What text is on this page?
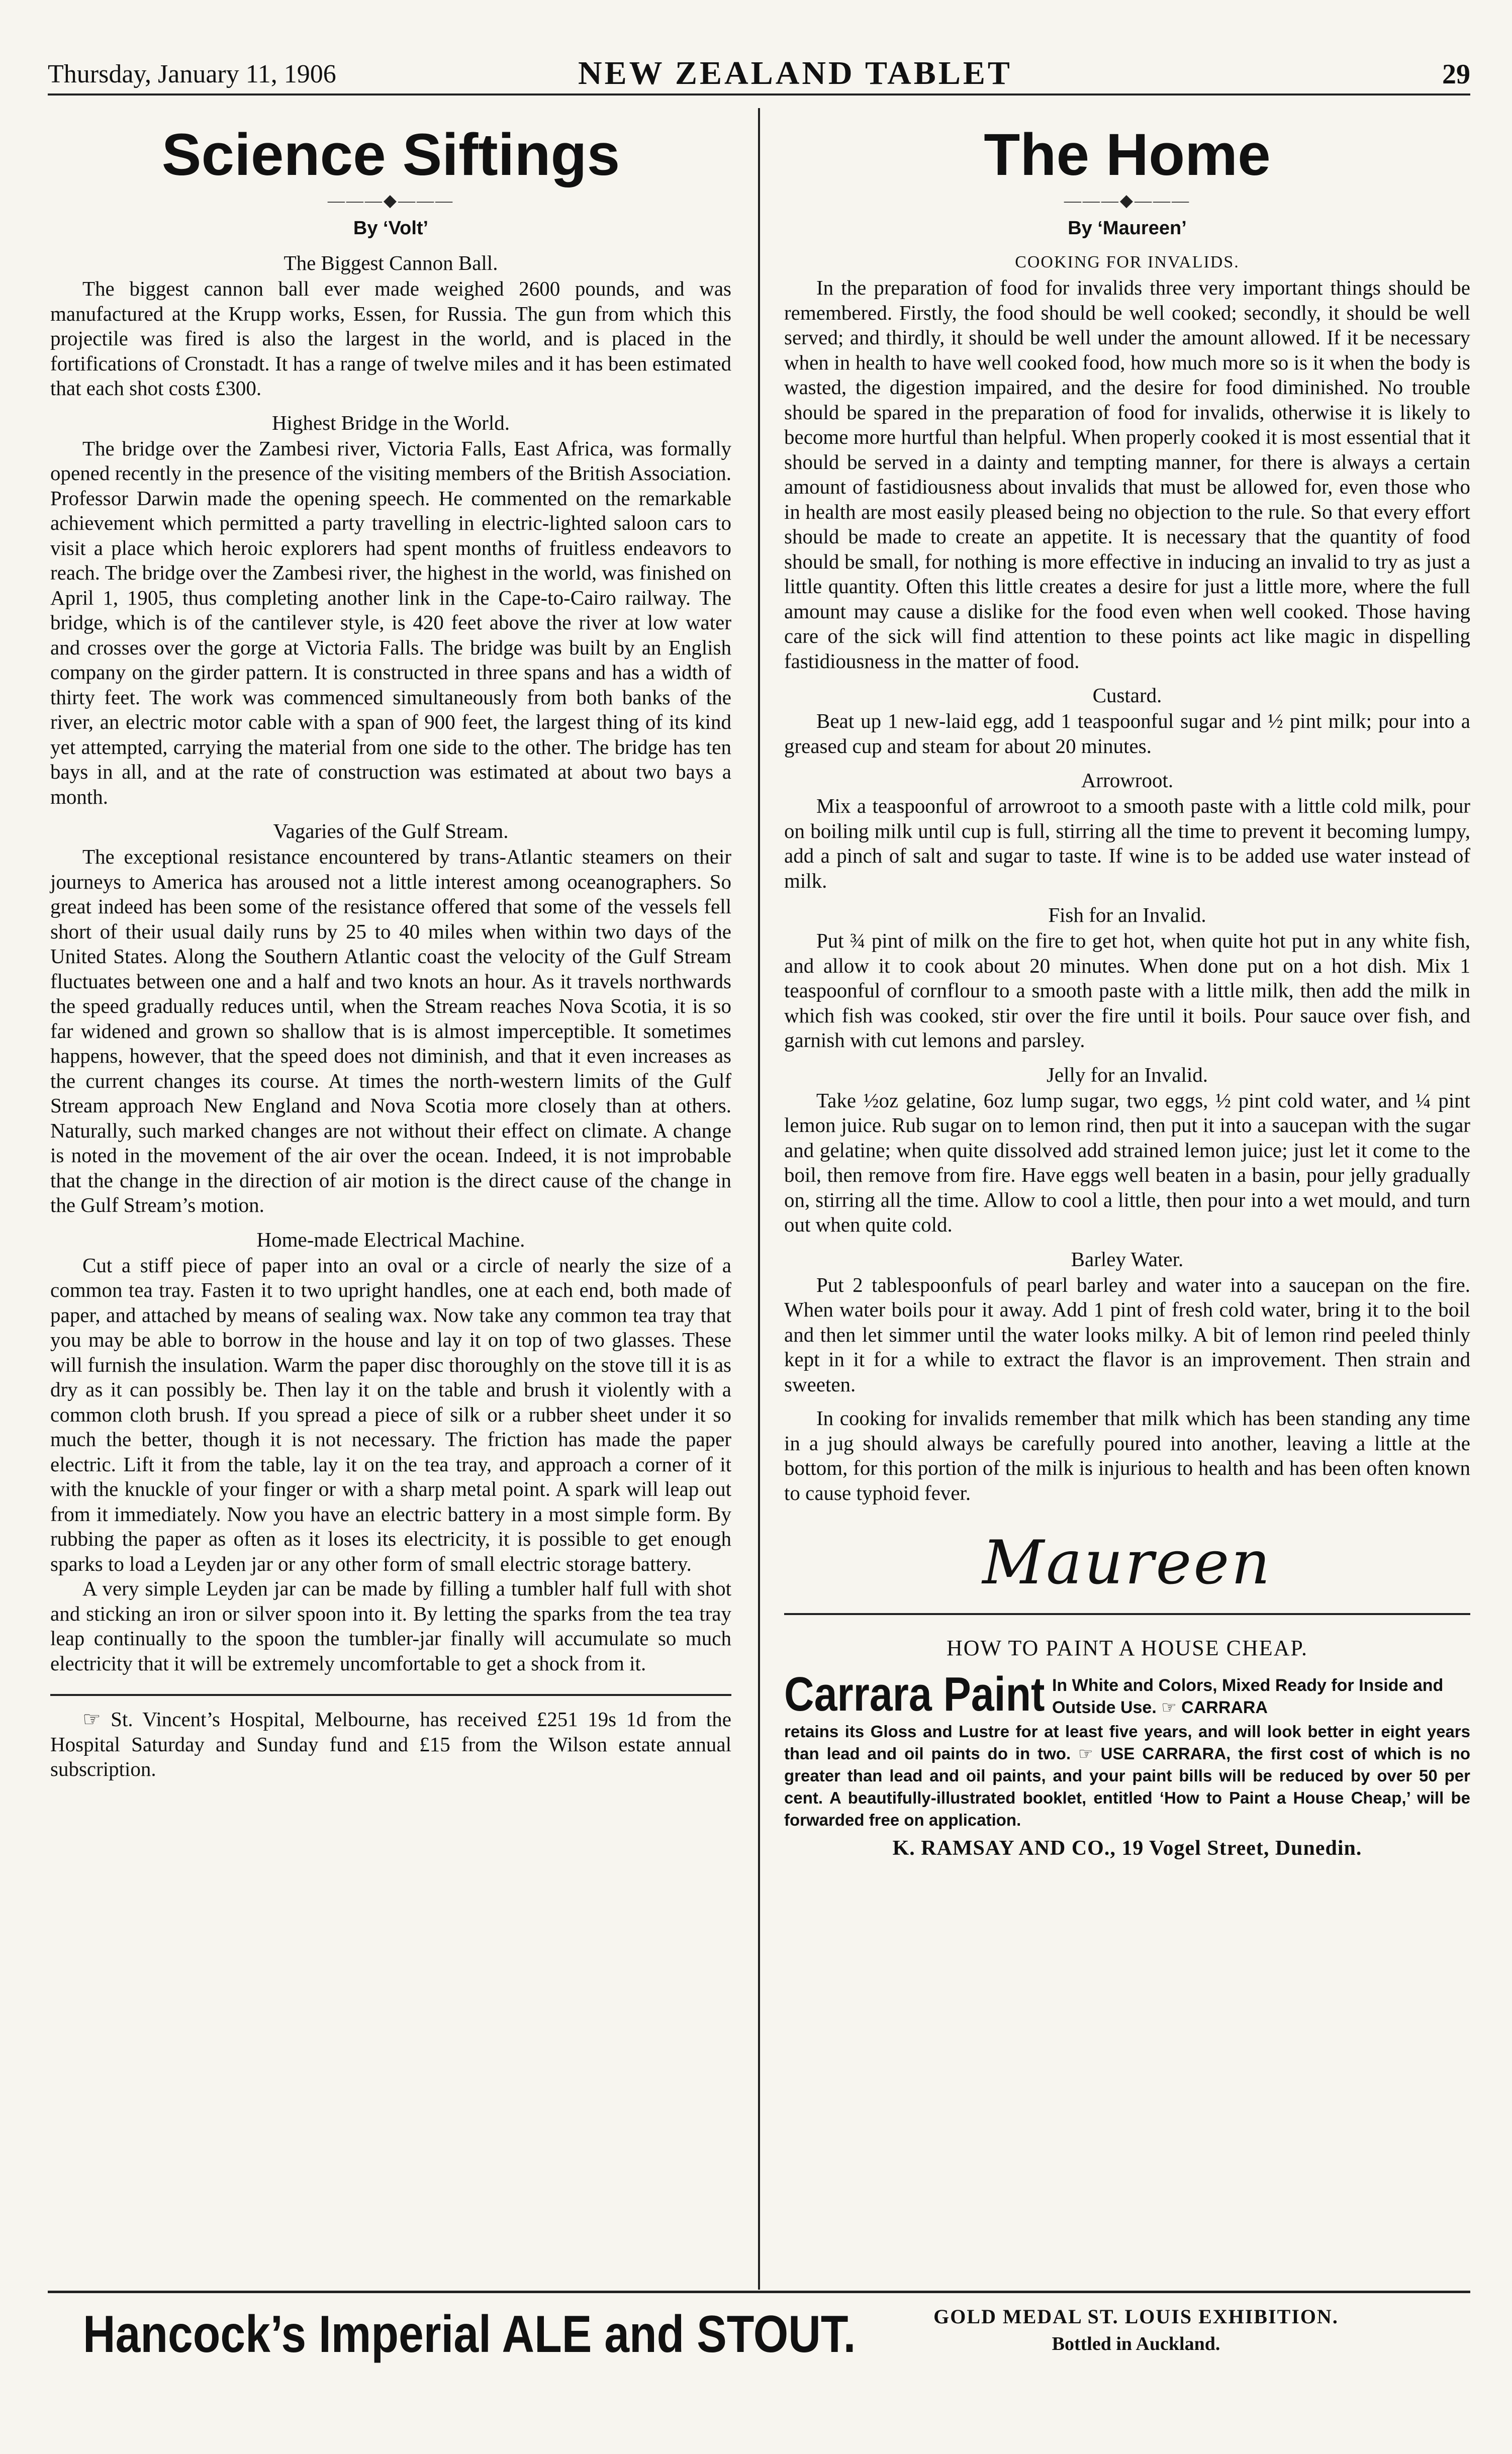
Thursday, January 11, 1906	NEW ZEALAND TABLET	29
Science Siftings
———◆———
By ‘Volt’
The Biggest Cannon Ball.

The biggest cannon ball ever made weighed 2600 pounds, and was manufactured at the Krupp works, Essen, for Russia. The gun from which this projectile was fired is also the largest in the world, and is placed in the fortifications of Cronstadt. It has a range of twelve miles and it has been estimated that each shot costs £300.

Highest Bridge in the World.

The bridge over the Zambesi river, Victoria Falls, East Africa, was formally opened recently in the presence of the visiting members of the British Association. Professor Darwin made the opening speech. He commented on the remarkable achievement which permitted a party travelling in electric-lighted saloon cars to visit a place which heroic explorers had spent months of fruitless endeavors to reach. The bridge over the Zambesi river, the highest in the world, was finished on April 1, 1905, thus completing another link in the Cape-to-Cairo railway. The bridge, which is of the cantilever style, is 420 feet above the river at low water and crosses over the gorge at Victoria Falls. The bridge was built by an English company on the girder pattern. It is constructed in three spans and has a width of thirty feet. The work was commenced simultaneously from both banks of the river, an electric motor cable with a span of 900 feet, the largest thing of its kind yet attempted, carrying the material from one side to the other. The bridge has ten bays in all, and at the rate of construction was estimated at about two bays a month.

Vagaries of the Gulf Stream.

The exceptional resistance encountered by trans-Atlantic steamers on their journeys to America has aroused not a little interest among oceanographers. So great indeed has been some of the resistance offered that some of the vessels fell short of their usual daily runs by 25 to 40 miles when within two days of the United States. Along the Southern Atlantic coast the velocity of the Gulf Stream fluctuates between one and a half and two knots an hour. As it travels northwards the speed gradually reduces until, when the Stream reaches Nova Scotia, it is so far widened and grown so shallow that is is almost imperceptible. It sometimes happens, however, that the speed does not diminish, and that it even increases as the current changes its course. At times the north-western limits of the Gulf Stream approach New England and Nova Scotia more closely than at others. Naturally, such marked changes are not without their effect on climate. A change is noted in the movement of the air over the ocean. Indeed, it is not improbable that the change in the direction of air motion is the direct cause of the change in the Gulf Stream’s motion.

Home-made Electrical Machine.

Cut a stiff piece of paper into an oval or a circle of nearly the size of a common tea tray. Fasten it to two upright handles, one at each end, both made of paper, and attached by means of sealing wax. Now take any common tea tray that you may be able to borrow in the house and lay it on top of two glasses. These will furnish the insulation. Warm the paper disc thoroughly on the stove till it is as dry as it can possibly be. Then lay it on the table and brush it violently with a common cloth brush. If you spread a piece of silk or a rubber sheet under it so much the better, though it is not necessary. The friction has made the paper electric. Lift it from the table, lay it on the tea tray, and approach a corner of it with the knuckle of your finger or with a sharp metal point. A spark will leap out from it immediately. Now you have an electric battery in a most simple form. By rubbing the paper as often as it loses its electricity, it is possible to get enough sparks to load a Leyden jar or any other form of small electric storage battery.

A very simple Leyden jar can be made by filling a tumbler half full with shot and sticking an iron or silver spoon into it. By letting the sparks from the tea tray leap continually to the spoon the tumbler-jar finally will accumulate so much electricity that it will be extremely uncomfortable to get a shock from it.

☞ St. Vincent’s Hospital, Melbourne, has received £251 19s 1d from the Hospital Saturday and Sunday fund and £15 from the Wilson estate annual subscription.

The Home
———◆———
By ‘Maureen’
COOKING FOR INVALIDS.

In the preparation of food for invalids three very important things should be remembered. Firstly, the food should be well cooked; secondly, it should be well served; and thirdly, it should be well under the amount allowed. If it be necessary when in health to have well cooked food, how much more so is it when the body is wasted, the digestion impaired, and the desire for food diminished. No trouble should be spared in the preparation of food for invalids, otherwise it is likely to become more hurtful than helpful. When properly cooked it is most essential that it should be served in a dainty and tempting manner, for there is always a certain amount of fastidiousness about invalids that must be allowed for, even those who in health are most easily pleased being no objection to the rule. So that every effort should be made to create an appetite. It is necessary that the quantity of food should be small, for nothing is more effective in inducing an invalid to try as just a little quantity. Often this little creates a desire for just a little more, where the full amount may cause a dislike for the food even when well cooked. Those having care of the sick will find attention to these points act like magic in dispelling fastidiousness in the matter of food.

Custard.

Beat up 1 new-laid egg, add 1 teaspoonful sugar and ½ pint milk; pour into a greased cup and steam for about 20 minutes.

Arrowroot.

Mix a teaspoonful of arrowroot to a smooth paste with a little cold milk, pour on boiling milk until cup is full, stirring all the time to prevent it becoming lumpy, add a pinch of salt and sugar to taste. If wine is to be added use water instead of milk.

Fish for an Invalid.

Put ¾ pint of milk on the fire to get hot, when quite hot put in any white fish, and allow it to cook about 20 minutes. When done put on a hot dish. Mix 1 teaspoonful of cornflour to a smooth paste with a little milk, then add the milk in which fish was cooked, stir over the fire until it boils. Pour sauce over fish, and garnish with cut lemons and parsley.

Jelly for an Invalid.

Take ½oz gelatine, 6oz lump sugar, two eggs, ½ pint cold water, and ¼ pint lemon juice. Rub sugar on to lemon rind, then put it into a saucepan with the sugar and gelatine; when quite dissolved add strained lemon juice; just let it come to the boil, then remove from fire. Have eggs well beaten in a basin, pour jelly gradually on, stirring all the time. Allow to cool a little, then pour into a wet mould, and turn out when quite cold.

Barley Water.

Put 2 tablespoonfuls of pearl barley and water into a saucepan on the fire. When water boils pour it away. Add 1 pint of fresh cold water, bring it to the boil and then let simmer until the water looks milky. A bit of lemon rind peeled thinly kept in it for a while to extract the flavor is an improvement. Then strain and sweeten.

In cooking for invalids remember that milk which has been standing any time in a jug should always be carefully poured into another, leaving a little at the bottom, for this portion of the milk is injurious to health and has been often known to cause typhoid fever.

Maureen
HOW TO PAINT A HOUSE CHEAP.
Carrara Paint In White and Colors, Mixed Ready for Inside and Outside Use. ☞ CARRARA
retains its Gloss and Lustre for at least five years, and will look better in eight years than lead and oil paints do in two. ☞ USE CARRARA, the first cost of which is no greater than lead and oil paints, and your paint bills will be reduced by over 50 per cent. A beautifully-illustrated booklet, entitled ‘How to Paint a House Cheap,’ will be forwarded free on application.
K. RAMSAY AND CO., 19 Vogel Street, Dunedin.
Hancock’s Imperial ALE and STOUT.	GOLD MEDAL ST. LOUIS EXHIBITION.
Bottled in Auckland.
